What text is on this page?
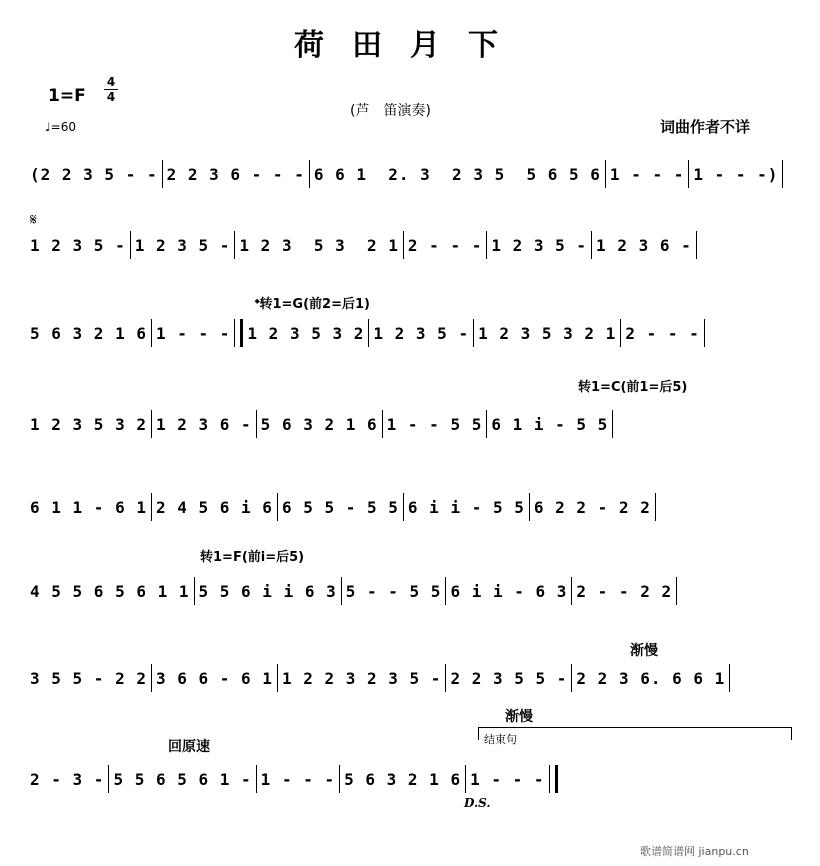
荷田月下
1=F
4
4
♩=60
(芦　笛演奏)
词曲作者不详
𝄋
𝄌转1=G(前2=后1)
转1=C(前1=后5)
转1=F(前i=后5)
渐慢
渐慢
回原速	结束句
D.S.
(2 2 3 5 - - 2 2 3 6 - - - 6 6 1  2. 3  2 3 5  5 6 5 6 1 - - - 1 - - -)
1 2 3 5 - 1 2 3 5 - 1 2 3  5 3  2 1 2 - - - 1 2 3 5 - 1 2 3 6 -
5 6 3 2 1 6 1 - - - 1 2 3 5 3 2 1 2 3 5 - 1 2 3 5 3 2 1 2 - - -
1 2 3 5 3 2 1 2 3 6 - 5 6 3 2 1 6 1 - - 5 5 6 1 i - 5 5
6 1 1 - 6 1 2 4 5 6 i 6 6 5 5 - 5 5 6 i i - 5 5 6 2 2 - 2 2
4 5 5 6 5 6 1 1 5 5 6 i i 6 3 5 - - 5 5 6 i i - 6 3 2 - - 2 2
3 5 5 - 2 2 3 6 6 - 6 1 1 2 2 3 2 3 5 - 2 2 3 5 5 - 2 2 3 6. 6 6 1
2 - 3 - 5 5 6 5 6 1 - 1 - - - 5 6 3 2 1 6 1 - - -
歌谱简谱网 jianpu.cn
